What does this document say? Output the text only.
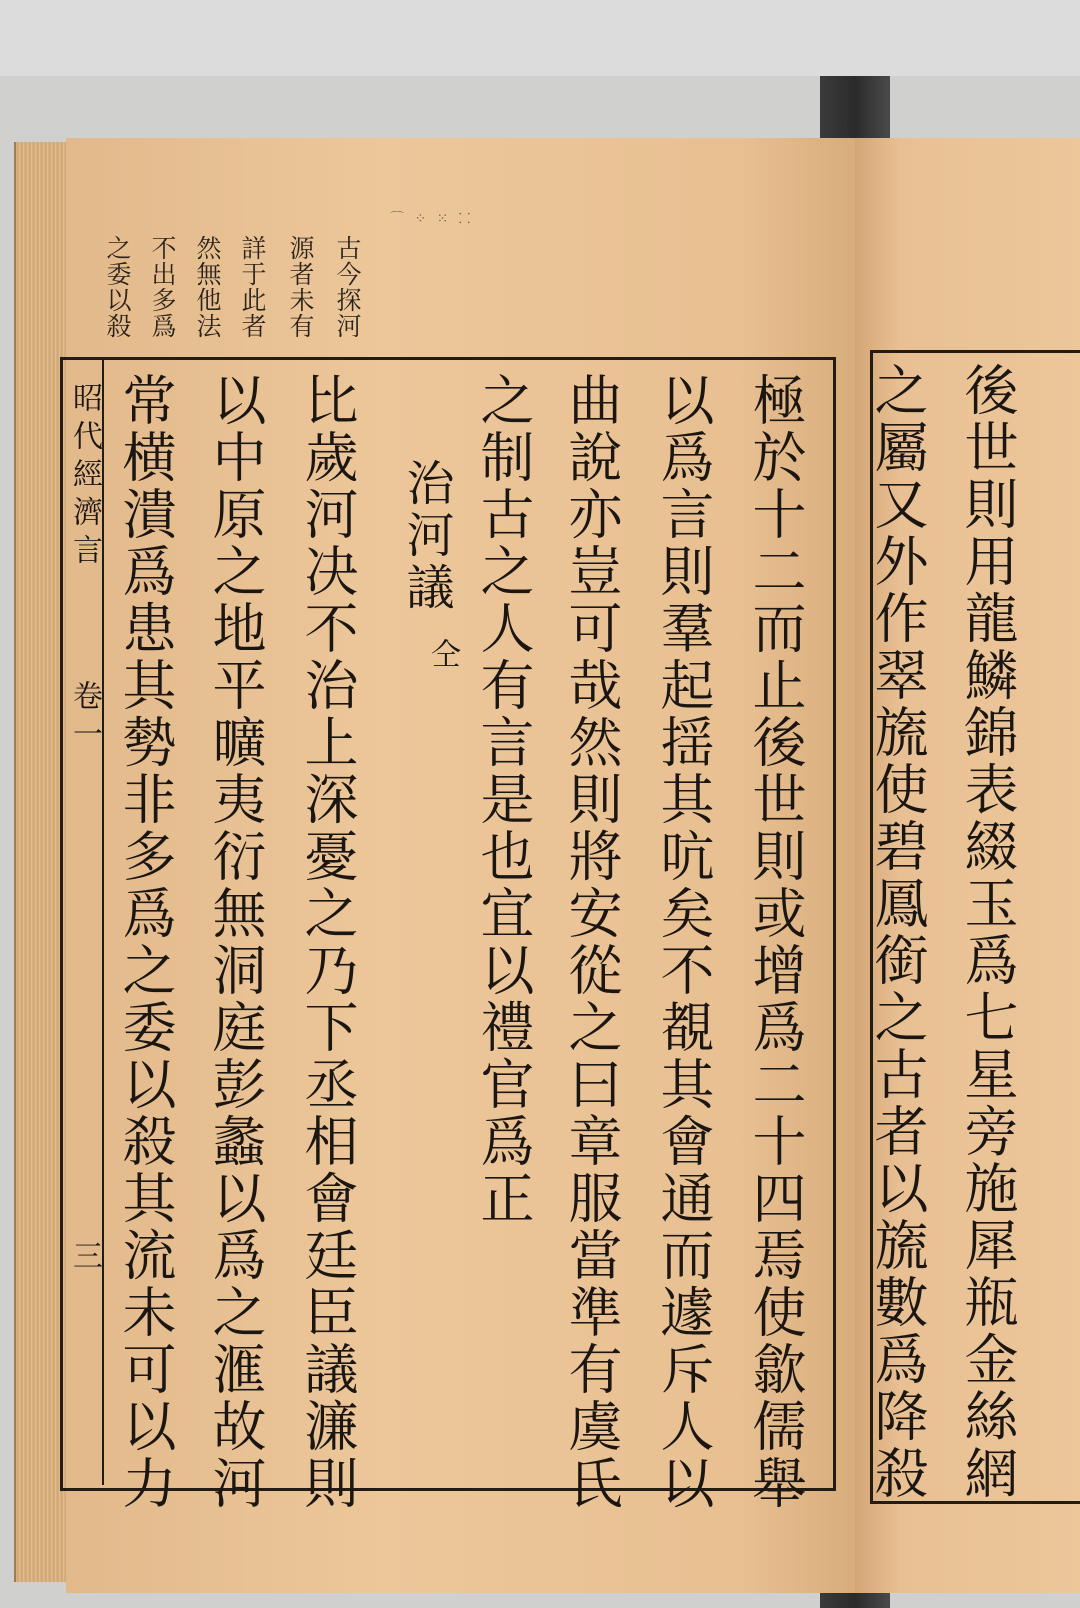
⌒ ⁘ ⁙ ⸬
古今探河
源者未有
詳于此者
然無他法
不出多爲
之委以殺
昭代經濟言
卷一
三	極於十二而止後世則或增爲二十四焉使歙儒舉
以爲言則羣起揺其吭矣不覩其會通而遽斥人以
曲說亦豈可哉然則將安從之曰章服當準有虞氏
之制古之人有言是也宜以禮官爲正
治河議
仝
比歲河决不治上深憂之乃下丞相會廷臣議濂則
以中原之地平曠夷衍無洞庭彭蠡以爲之滙故河
常横潰爲患其勢非多爲之委以殺其流未可以力	後世則用龍鱗錦表綴玉爲七星旁施犀瓶金絲網
之屬又外作翠旒使碧鳳銜之古者以旒數爲降殺
